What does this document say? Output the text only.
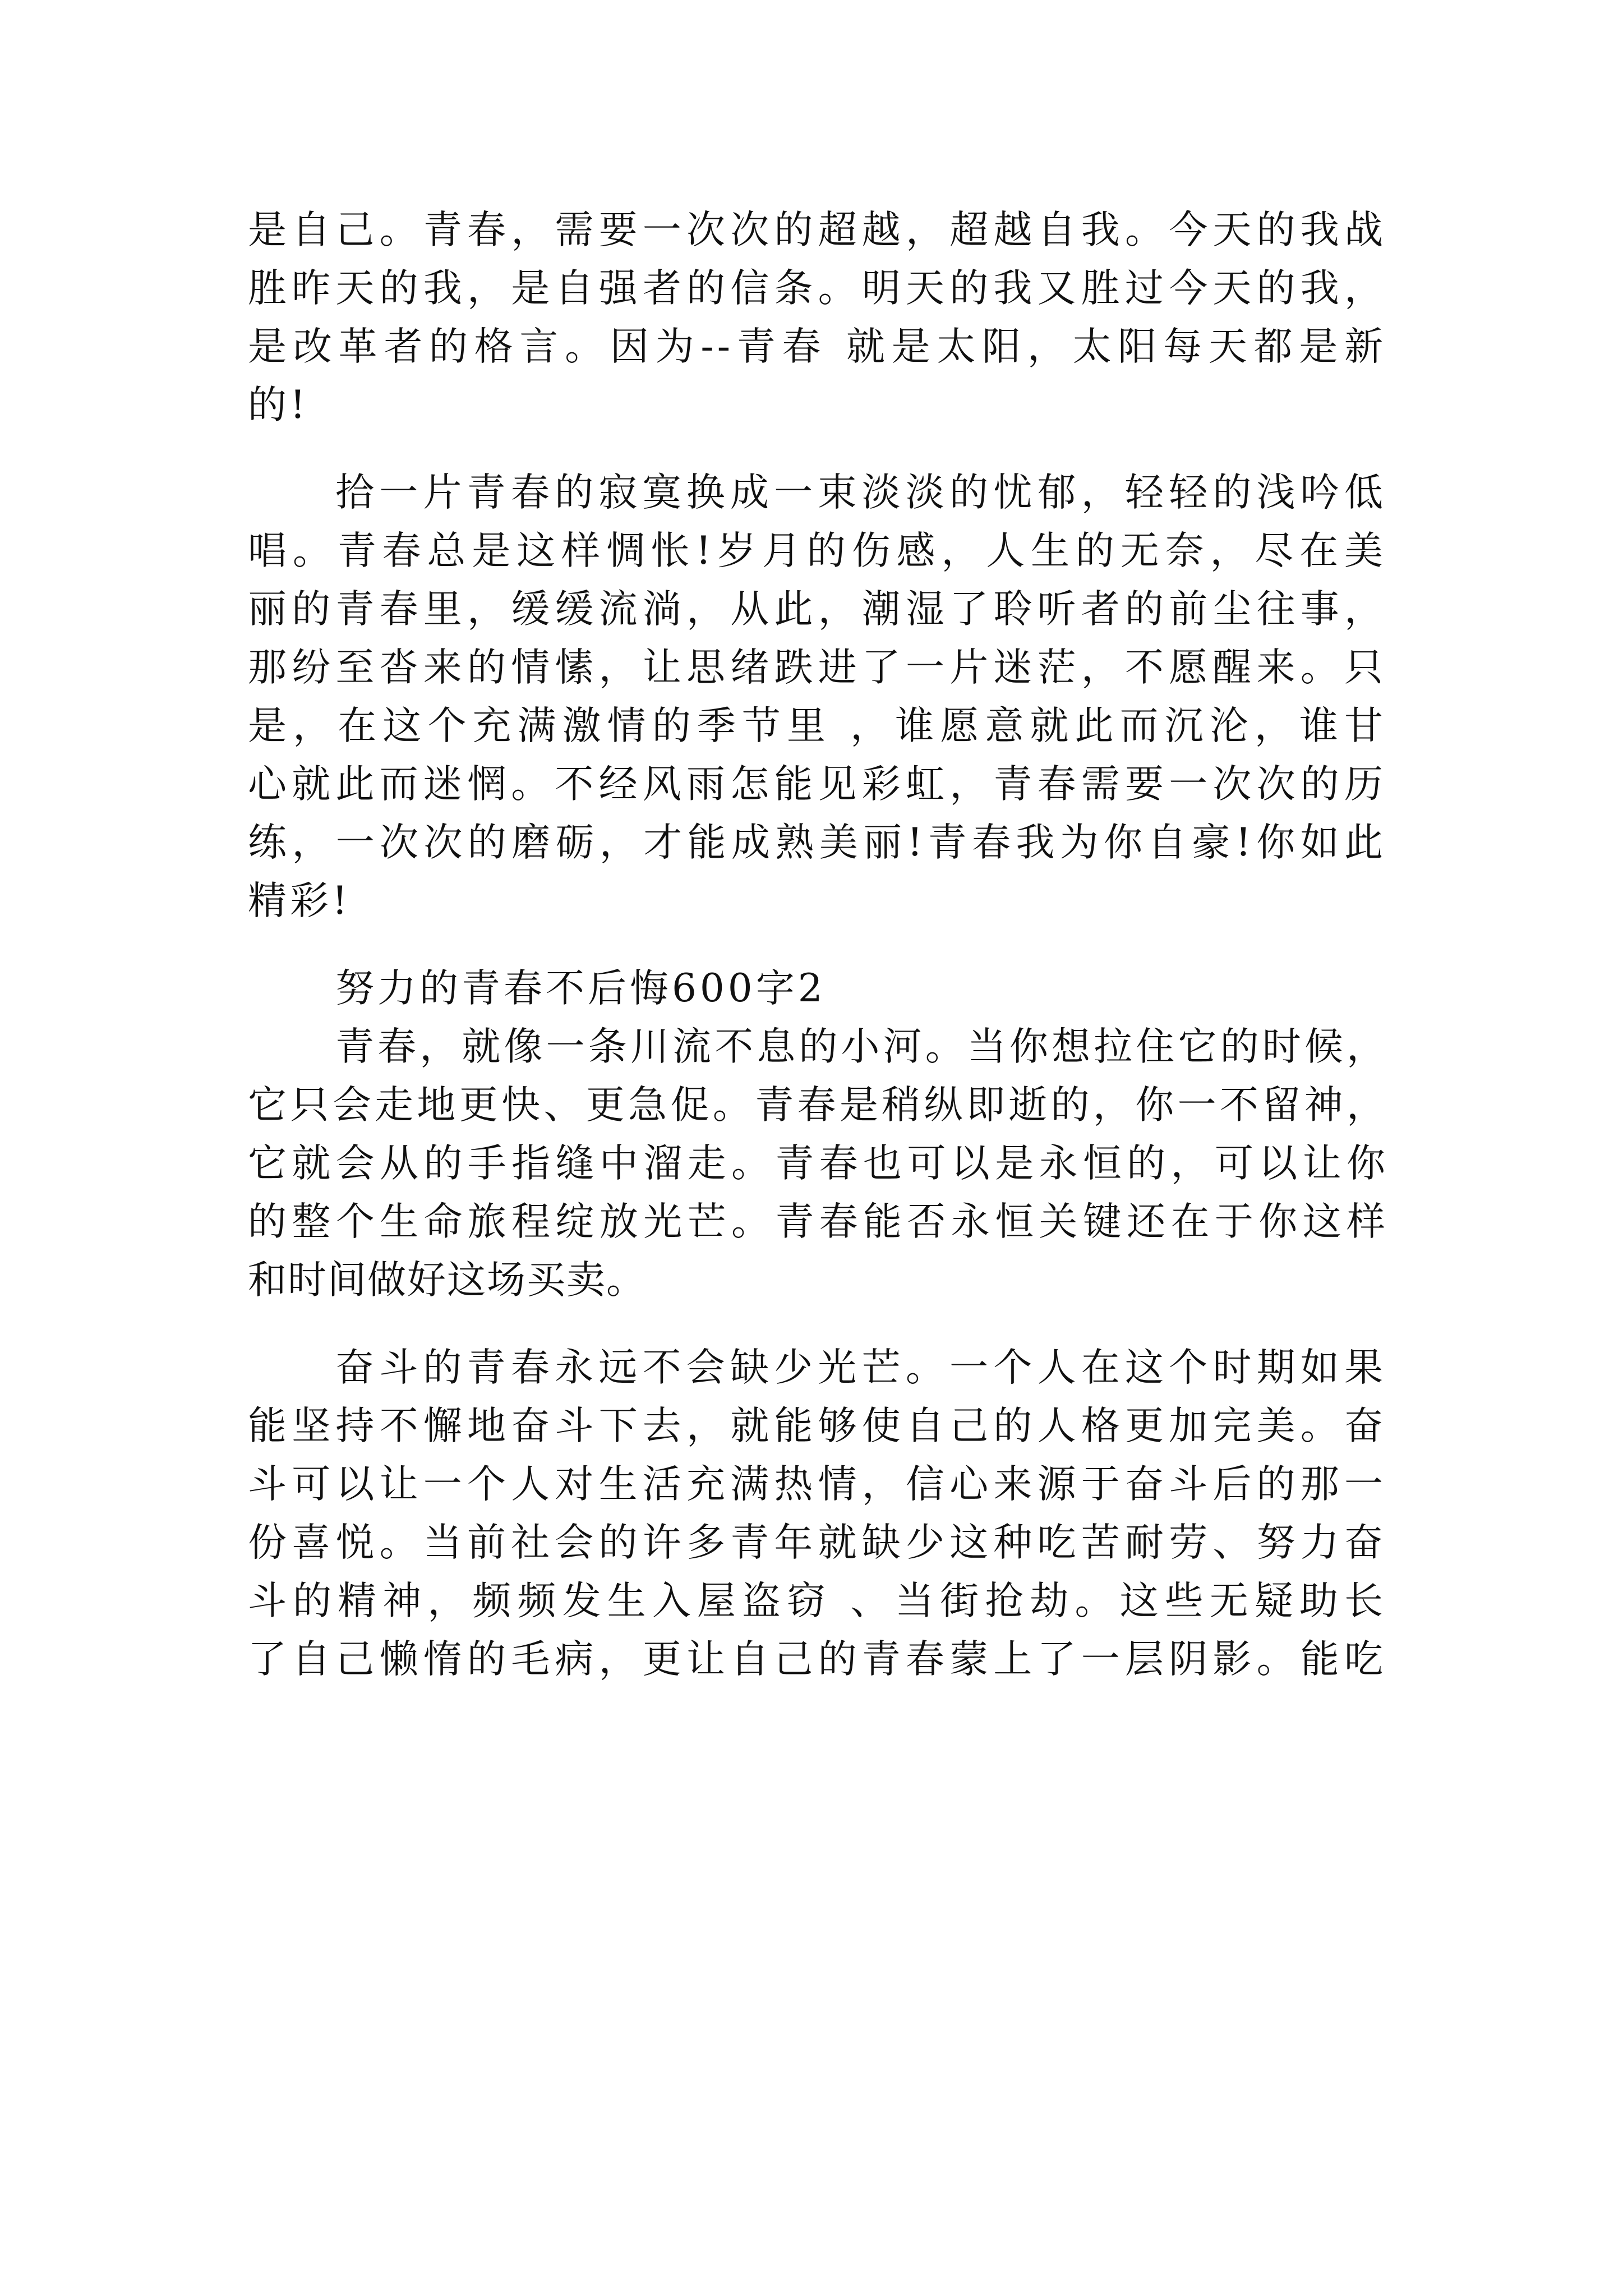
是自己。青春，需要一次次的超越，超越自我。今天的我战
胜昨天的我，是自强者的信条。明天的我又胜过今天的我，
是改革者的格言。因为--青春 就是太阳，太阳每天都是新
的!
拾一片青春的寂寞换成一束淡淡的忧郁，轻轻的浅吟低
唱。青春总是这样惆怅!岁月的伤感，人生的无奈，尽在美
丽的青春里，缓缓流淌，从此，潮湿了聆听者的前尘往事，
那纷至沓来的情愫，让思绪跌进了一片迷茫，不愿醒来。只
是，在这个充满激情的季节里 ，谁愿意就此而沉沦，谁甘
心就此而迷惘。不经风雨怎能见彩虹，青春需要一次次的历
练，一次次的磨砺，才能成熟美丽!青春我为你自豪!你如此
精彩!
努力的青春不后悔600字2
青春，就像一条川流不息的小河。当你想拉住它的时候，
它只会走地更快、更急促。青春是稍纵即逝的，你一不留神，
它就会从的手指缝中溜走。青春也可以是永恒的，可以让你
的整个生命旅程绽放光芒。青春能否永恒关键还在于你这样
和时间做好这场买卖。
奋斗的青春永远不会缺少光芒。一个人在这个时期如果
能坚持不懈地奋斗下去，就能够使自己的人格更加完美。奋
斗可以让一个人对生活充满热情，信心来源于奋斗后的那一
份喜悦。当前社会的许多青年就缺少这种吃苦耐劳、努力奋
斗的精神，频频发生入屋盗窃 、当街抢劫。这些无疑助长
了自己懒惰的毛病，更让自己的青春蒙上了一层阴影。能吃
